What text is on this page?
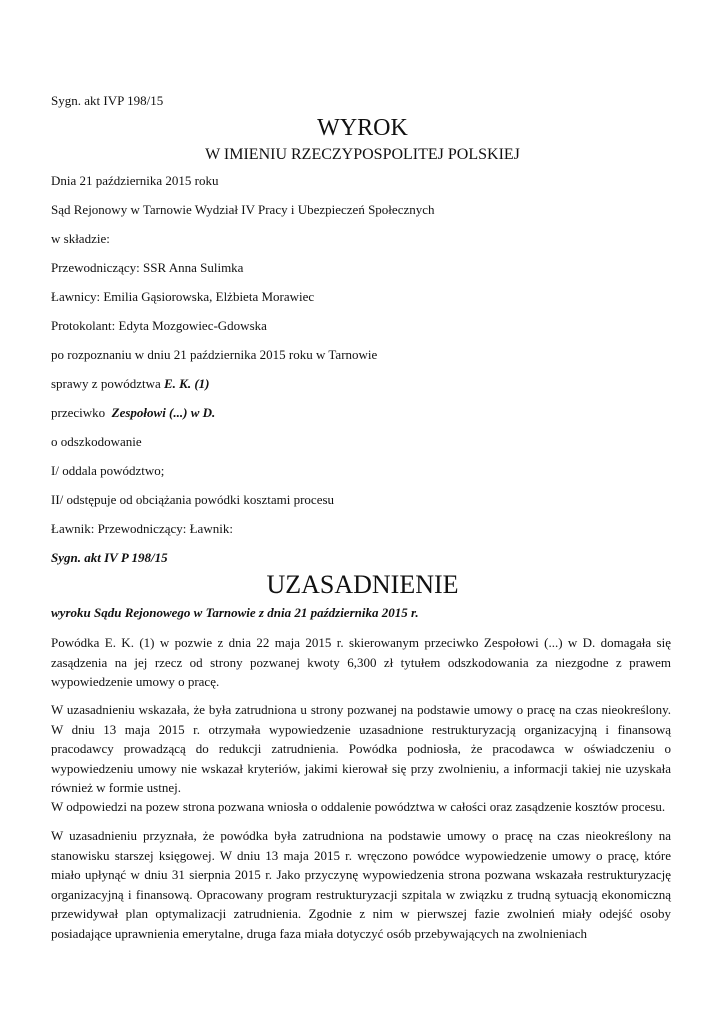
Sygn. akt IVP 198/15

WYROK
W IMIENIU RZECZYPOSPOLITEJ POLSKIEJ

Dnia 21 października 2015 roku

Sąd Rejonowy w Tarnowie Wydział IV Pracy i Ubezpieczeń Społecznych

w składzie:

Przewodniczący: SSR Anna Sulimka

Ławnicy: Emilia Gąsiorowska, Elżbieta Morawiec

Protokolant: Edyta Mozgowiec-Gdowska

po rozpoznaniu w dniu 21 października 2015 roku w Tarnowie

sprawy z powództwa E. K. (1)

przeciwko  Zespołowi (...) w D.

o odszkodowanie

I/ oddala powództwo;

II/ odstępuje od obciążania powódki kosztami procesu

Ławnik: Przewodniczący: Ławnik:

Sygn. akt IV P 198/15

UZASADNIENIE

wyroku Sądu Rejonowego w Tarnowie z dnia 21 października 2015 r.

Powódka E. K. (1) w pozwie z dnia 22 maja 2015 r. skierowanym przeciwko Zespołowi (...) w D. domagała się zasądzenia na jej rzecz od strony pozwanej kwoty 6,300 zł tytułem odszkodowania za niezgodne z prawem wypowiedzenie umowy o pracę.

W uzasadnieniu wskazała, że była zatrudniona u strony pozwanej na podstawie umowy o pracę na czas nieokreślony. W dniu 13 maja 2015 r. otrzymała wypowiedzenie uzasadnione restrukturyzacją organizacyjną i finansową pracodawcy prowadzącą do redukcji zatrudnienia. Powódka podniosła, że pracodawca w oświadczeniu o wypowiedzeniu umowy nie wskazał kryteriów, jakimi kierował się przy zwolnieniu, a informacji takiej nie uzyskała również w formie ustnej.

W odpowiedzi na pozew strona pozwana wniosła o oddalenie powództwa w całości oraz zasądzenie kosztów procesu.

W uzasadnieniu przyznała, że powódka była zatrudniona na podstawie umowy o pracę na czas nieokreślony na stanowisku starszej księgowej. W dniu 13 maja 2015 r. wręczono powódce wypowiedzenie umowy o pracę, które miało upłynąć w dniu 31 sierpnia 2015 r. Jako przyczynę wypowiedzenia strona pozwana wskazała restrukturyzację organizacyjną i finansową. Opracowany program restrukturyzacji szpitala w związku z trudną sytuacją ekonomiczną przewidywał plan optymalizacji zatrudnienia. Zgodnie z nim w pierwszej fazie zwolnień miały odejść osoby posiadające uprawnienia emerytalne, druga faza miała dotyczyć osób przebywających na zwolnieniach
